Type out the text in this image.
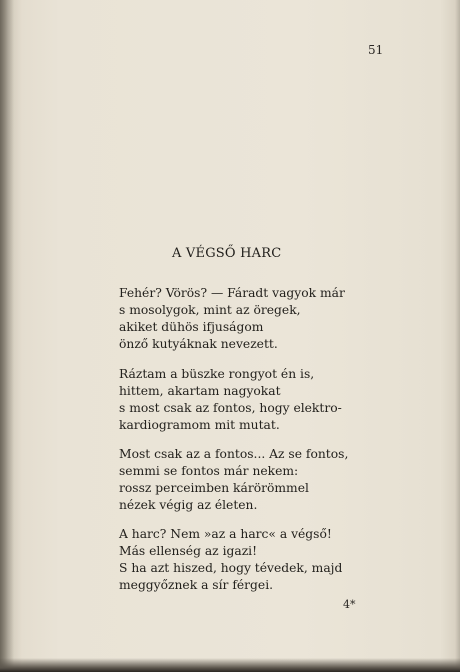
51
A VÉGSŐ HARC
Fehér? Vörös? — Fáradt vagyok már
s mosolygok, mint az öregek,
akiket dühös ifjuságom
önző kutyáknak nevezett.
Ráztam a büszke rongyot én is,
hittem, akartam nagyokat
s most csak az fontos, hogy elektro-
kardiogramom mit mutat.
Most csak az a fontos... Az se fontos,
semmi se fontos már nekem:
rossz perceimben kárörömmel
nézek végig az életen.
A harc? Nem »az a harc« a végső!
Más ellenség az igazi!
S ha azt hiszed, hogy tévedek, majd
meggyőznek a sír férgei.
4*
